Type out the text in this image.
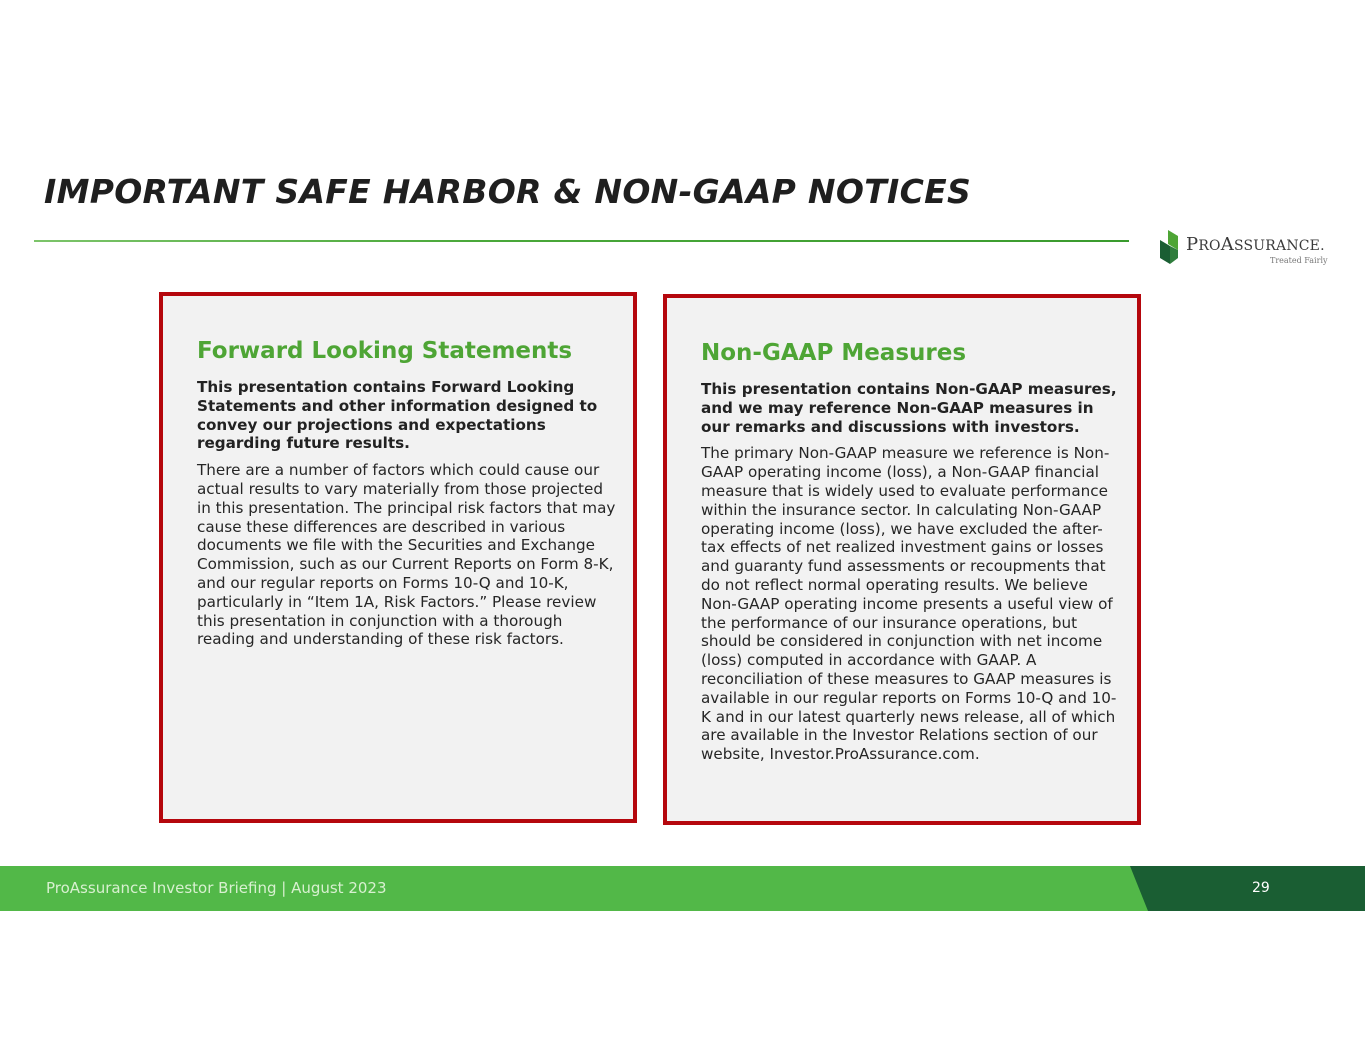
IMPORTANT SAFE HARBOR & NON-GAAP NOTICES
PROASSURANCE.
Treated Fairly
Forward Looking Statements

This presentation contains Forward Looking Statements and other information designed to convey our projections and expectations regarding future results.

There are a number of factors which could cause our actual results to vary materially from those projected in this presentation. The principal risk factors that may cause these differences are described in various documents we file with the Securities and Exchange Commission, such as our Current Reports on Form 8-K, and our regular reports on Forms 10-Q and 10-K, particularly in “Item 1A, Risk Factors.” Please review this presentation in conjunction with a thorough reading and understanding of these risk factors.

Non-GAAP Measures

This presentation contains Non-GAAP measures, and we may reference Non-GAAP measures in our remarks and discussions with investors.

The primary Non-GAAP measure we reference is Non-GAAP operating income (loss), a Non-GAAP financial measure that is widely used to evaluate performance within the insurance sector. In calculating Non-GAAP operating income (loss), we have excluded the after-tax effects of net realized investment gains or losses and guaranty fund assessments or recoupments that do not reflect normal operating results. We believe Non-GAAP operating income presents a useful view of the performance of our insurance operations, but should be considered in conjunction with net income (loss) computed in accordance with GAAP. A reconciliation of these measures to GAAP measures is available in our regular reports on Forms 10-Q and 10-K and in our latest quarterly news release, all of which are available in the Investor Relations section of our website, Investor.ProAssurance.com.

ProAssurance Investor Briefing | August 2023	29
